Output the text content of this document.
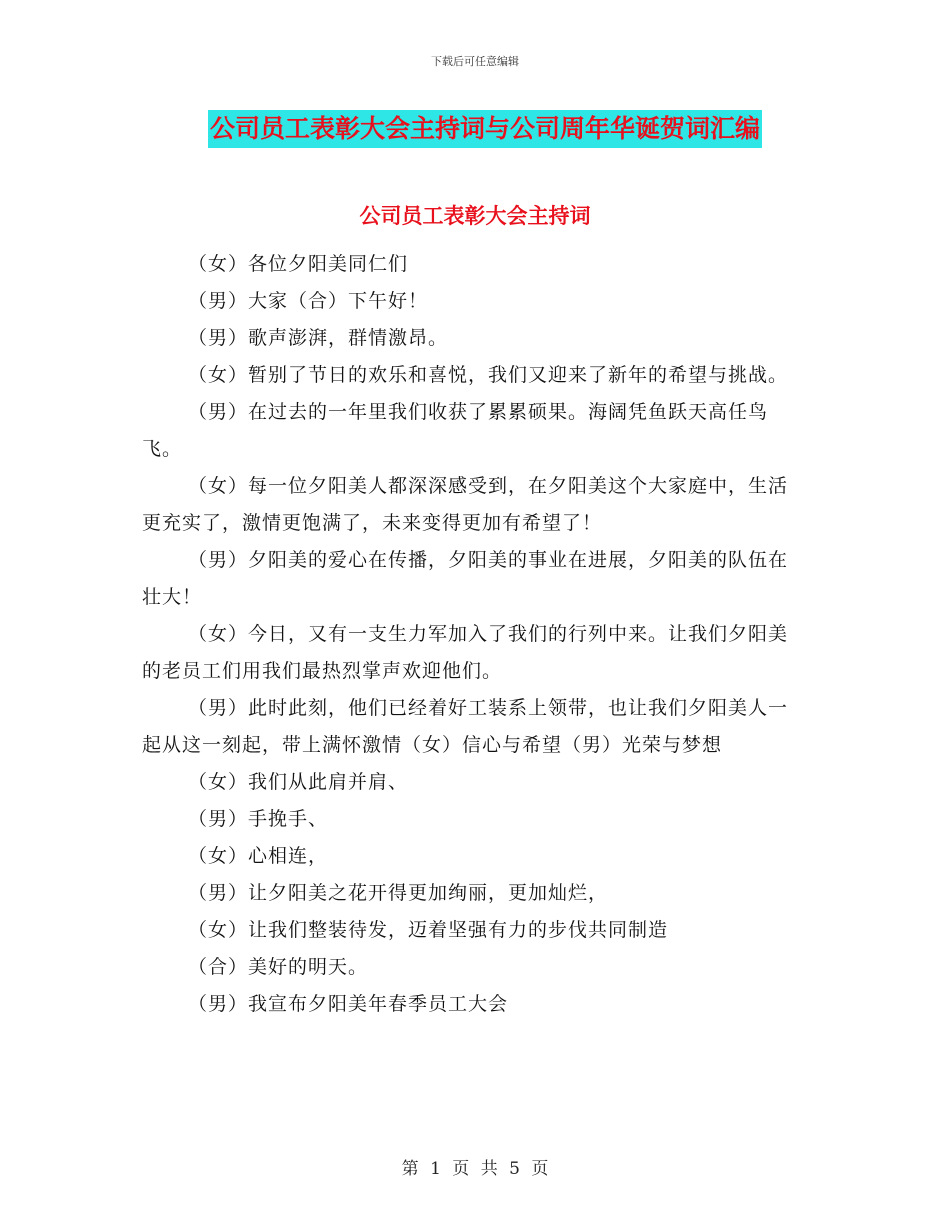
下载后可任意编辑
公司员工表彰大会主持词与公司周年华诞贺词汇编
公司员工表彰大会主持词

（女）各位夕阳美同仁们

（男）大家（合）下午好！

（男）歌声澎湃，群情激昂。

（女）暂别了节日的欢乐和喜悦，我们又迎来了新年的希望与挑战。

（男）在过去的一年里我们收获了累累硕果。海阔凭鱼跃天高任鸟飞。

（女）每一位夕阳美人都深深感受到，在夕阳美这个大家庭中，生活更充实了，激情更饱满了，未来变得更加有希望了！

（男）夕阳美的爱心在传播，夕阳美的事业在进展，夕阳美的队伍在壮大！

（女）今日，又有一支生力军加入了我们的行列中来。让我们夕阳美的老员工们用我们最热烈掌声欢迎他们。

（男）此时此刻，他们已经着好工装系上领带，也让我们夕阳美人一起从这一刻起，带上满怀激情（女）信心与希望（男）光荣与梦想

（女）我们从此肩并肩、

（男）手挽手、

（女）心相连，

（男）让夕阳美之花开得更加绚丽，更加灿烂，

（女）让我们整装待发，迈着坚强有力的步伐共同制造

（合）美好的明天。

（男）我宣布夕阳美年春季员工大会

第 1 页 共 5 页
